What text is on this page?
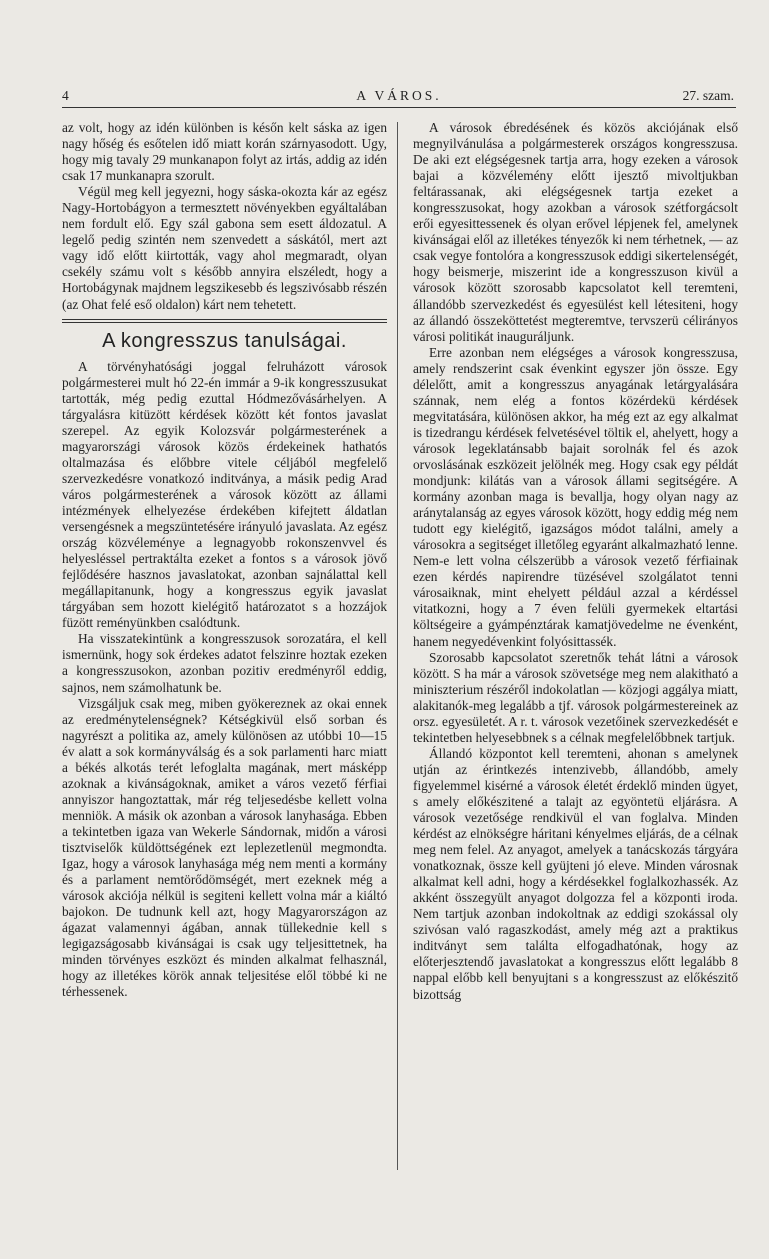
4	A VÁROS.	27. szam.

az volt, hogy az idén különben is későn kelt sáska az igen nagy hőség és esőtelen idő miatt korán szárnyasodott. Ugy, hogy mig tavaly 29 munkanapon folyt az irtás, addig az idén csak 17 munkanapra szorult.

Végül meg kell jegyezni, hogy sáska-okozta kár az egész Nagy-Hortobágyon a termesztett növényekben egyáltalában nem fordult elő. Egy szál gabona sem esett áldozatul. A legelő pedig szintén nem szenvedett a sáskától, mert azt vagy idő előtt kiirtották, vagy ahol megmaradt, olyan csekély számu volt s később annyira elszéledt, hogy a Hortobágynak majdnem legszikesebb és legszivósabb részén (az Ohat felé eső oldalon) kárt nem tehetett.

A kongresszus tanulságai.

A törvényhatósági joggal felruházott városok polgármesterei mult hó 22-én immár a 9-ik kongresszusukat tartották, még pedig ezuttal Hódmezővásárhelyen. A tárgyalásra kitüzött kérdések között két fontos javaslat szerepel. Az egyik Kolozsvár polgármesterének a magyarországi városok közös érdekeinek hathatós oltalmazása és előbbre vitele céljából megfelelő szervezkedésre vonatkozó inditványa, a másik pedig Arad város polgármesterének a városok között az állami intézmények elhelyezése érdekében kifejtett áldatlan versengésnek a megszüntetésére irányuló javaslata. Az egész ország közvéleménye a legnagyobb rokonszenvvel és helyesléssel pertraktálta ezeket a fontos s a városok jövő fejlődésére hasznos javaslatokat, azonban sajnálattal kell megállapitanunk, hogy a kongresszus egyik javaslat tárgyában sem hozott kielégitő határozatot s a hozzájok füzött reményünkben csalódtunk.

Ha visszatekintünk a kongresszusok sorozatára, el kell ismernünk, hogy sok érdekes adatot felszinre hoztak ezeken a kongresszusokon, azonban pozitiv eredményről eddig, sajnos, nem számolhatunk be.

Vizsgáljuk csak meg, miben gyökereznek az okai ennek az eredménytelenségnek? Kétségkivül első sorban és nagyrészt a politika az, amely különösen az utóbbi 10—15 év alatt a sok kormányválság és a sok parlamenti harc miatt a békés alkotás terét lefoglalta magának, mert másképp azoknak a kivánságoknak, amiket a város vezető férfiai annyiszor hangoztattak, már rég teljesedésbe kellett volna menniök. A másik ok azonban a városok lanyhasága. Ebben a tekintetben igaza van Wekerle Sándornak, midőn a városi tisztviselők küldöttségének ezt leplezetlenül megmondta. Igaz, hogy a városok lanyhasága még nem menti a kormány és a parlament nemtörődömségét, mert ezeknek még a városok akciója nélkül is segiteni kellett volna már a kiáltó bajokon. De tudnunk kell azt, hogy Magyarországon az ágazat valamennyi ágában, annak tüllekednie kell s legigazságosabb kivánságai is csak ugy teljesittetnek, ha minden törvényes eszközt és minden alkalmat felhasznál, hogy az illetékes körök annak teljesitése elől többé ki ne térhessenek.

A városok ébredésének és közös akciójának első megnyilvánulása a polgármesterek országos kongresszusa. De aki ezt elégségesnek tartja arra, hogy ezeken a városok bajai a közvélemény előtt ijesztő mivoltjukban feltárassanak, aki elégségesnek tartja ezeket a kongresszusokat, hogy azokban a városok szétforgácsolt erői egyesittessenek és olyan erővel lépjenek fel, amelynek kivánságai elől az illetékes tényezők ki nem térhetnek, — az csak vegye fontolóra a kongresszusok eddigi sikertelenségét, hogy beismerje, miszerint ide a kongresszuson kivül a városok között szorosabb kapcsolatot kell teremteni, állandóbb szervezkedést és egyesülést kell létesiteni, hogy az állandó összeköttetést megteremtve, tervszerü célirányos városi politikát inauguráljunk.

Erre azonban nem elégséges a városok kongresszusa, amely rendszerint csak évenkint egyszer jön össze. Egy délelőtt, amit a kongresszus anyagának letárgyalására szánnak, nem elég a fontos közérdekü kérdések megvitatására, különösen akkor, ha még ezt az egy alkalmat is tizedrangu kérdések felvetésével töltik el, ahelyett, hogy a városok legeklatánsabb bajait sorolnák fel és azok orvoslásának eszközeit jelölnék meg. Hogy csak egy példát mondjunk: kilátás van a városok állami segitségére. A kormány azonban maga is bevallja, hogy olyan nagy az aránytalanság az egyes városok között, hogy eddig még nem tudott egy kielégitő, igazságos módot találni, amely a városokra a segitséget illetőleg egyaránt alkalmazható lenne. Nem-e lett volna célszerübb a városok vezető férfiainak ezen kérdés napirendre tüzésével szolgálatot tenni városaiknak, mint ehelyett például azzal a kérdéssel vitatkozni, hogy a 7 éven felüli gyermekek eltartási költségeire a gyámpénztárak kamatjövedelme ne évenként, hanem negyedévenkint folyósittassék.

Szorosabb kapcsolatot szeretnők tehát látni a városok között. S ha már a városok szövetsége meg nem alakitható a miniszterium részéről indokolatlan — közjogi aggálya miatt, alakitanók-meg legalább a tjf. városok polgármestereinek az orsz. egyesületét. A r. t. városok vezetőinek szervezkedését e tekintetben helyesebbnek s a célnak megfelelőbbnek tartjuk.

Állandó központot kell teremteni, ahonan s amelynek utján az érintkezés intenzivebb, állandóbb, amely figyelemmel kisérné a városok életét érdeklő minden ügyet, s amely előkészitené a talajt az egyöntetü eljárásra. A városok vezetősége rendkivül el van foglalva. Minden kérdést az elnökségre háritani kényelmes eljárás, de a célnak meg nem felel. Az anyagot, amelyek a tanácskozás tárgyára vonatkoznak, össze kell gyüjteni jó eleve. Minden városnak alkalmat kell adni, hogy a kérdésekkel foglalkozhassék. Az akként összegyült anyagot dolgozza fel a központi iroda. Nem tartjuk azonban indokoltnak az eddigi szokással oly szivósan való ragaszkodást, amely még azt a praktikus inditványt sem találta elfogadhatónak, hogy az előterjesztendő javaslatokat a kongresszus előtt legalább 8 nappal előbb kell benyujtani s a kongresszust az előkészitő bizottság
